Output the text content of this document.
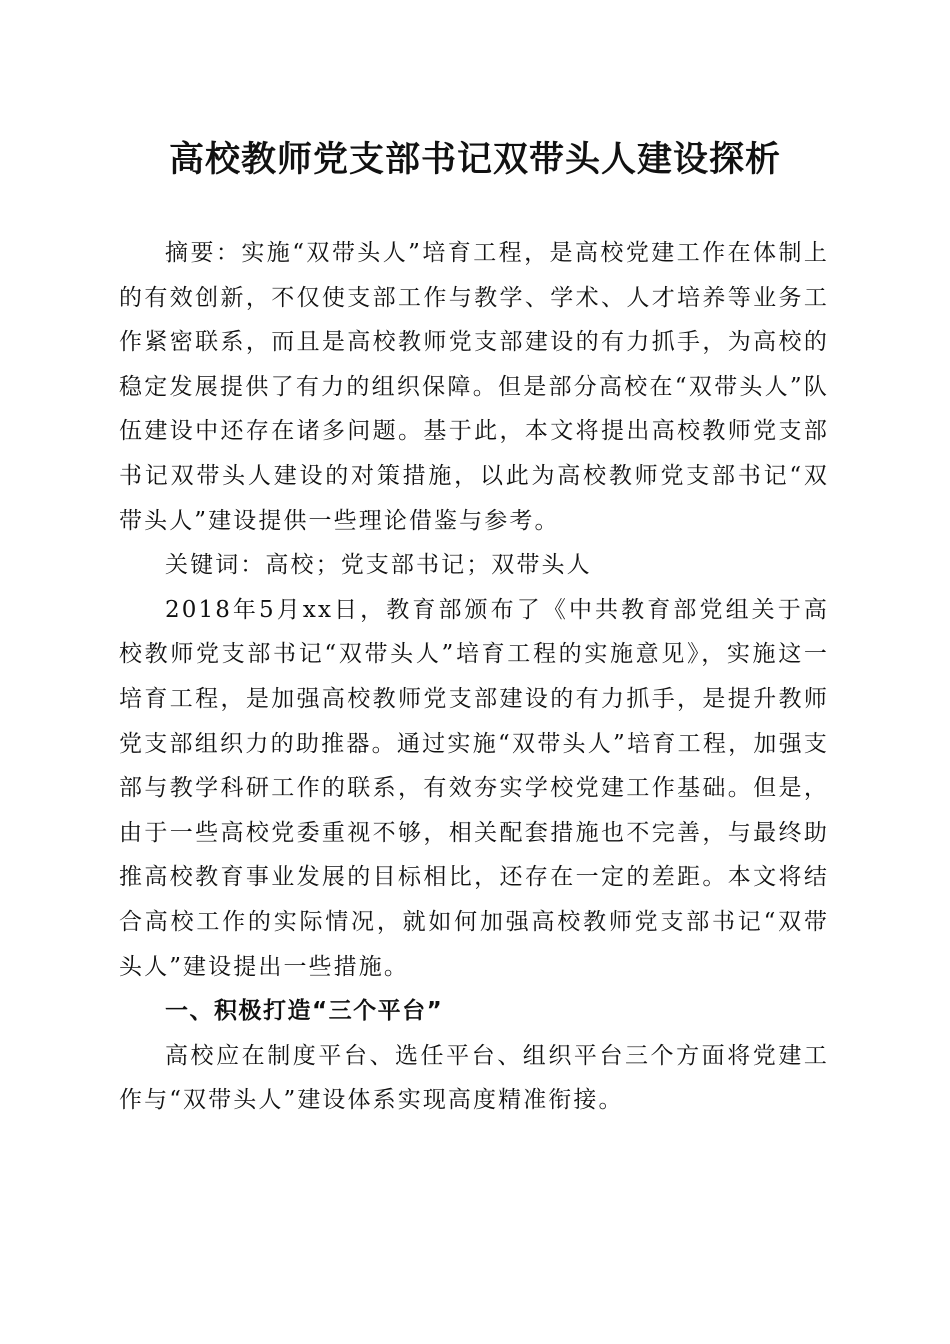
高校教师党支部书记双带头人建设探析

摘要：实施“双带头人”培育工程，是高校党建工作在体制上的有效创新，不仅使支部工作与教学、学术、人才培养等业务工作紧密联系，而且是高校教师党支部建设的有力抓手，为高校的稳定发展提供了有力的组织保障。但是部分高校在“双带头人”队伍建设中还存在诸多问题。基于此，本文将提出高校教师党支部书记双带头人建设的对策措施，以此为高校教师党支部书记“双带头人”建设提供一些理论借鉴与参考。

关键词：高校；党支部书记；双带头人

2018年5月xx日，教育部颁布了《中共教育部党组关于高校教师党支部书记“双带头人”培育工程的实施意见》，实施这一培育工程，是加强高校教师党支部建设的有力抓手，是提升教师党支部组织力的助推器。通过实施“双带头人”培育工程，加强支部与教学科研工作的联系，有效夯实学校党建工作基础。但是，由于一些高校党委重视不够，相关配套措施也不完善，与最终助推高校教育事业发展的目标相比，还存在一定的差距。本文将结合高校工作的实际情况，就如何加强高校教师党支部书记“双带头人”建设提出一些措施。

一、积极打造“三个平台”

高校应在制度平台、选任平台、组织平台三个方面将党建工作与“双带头人”建设体系实现高度精准衔接。
